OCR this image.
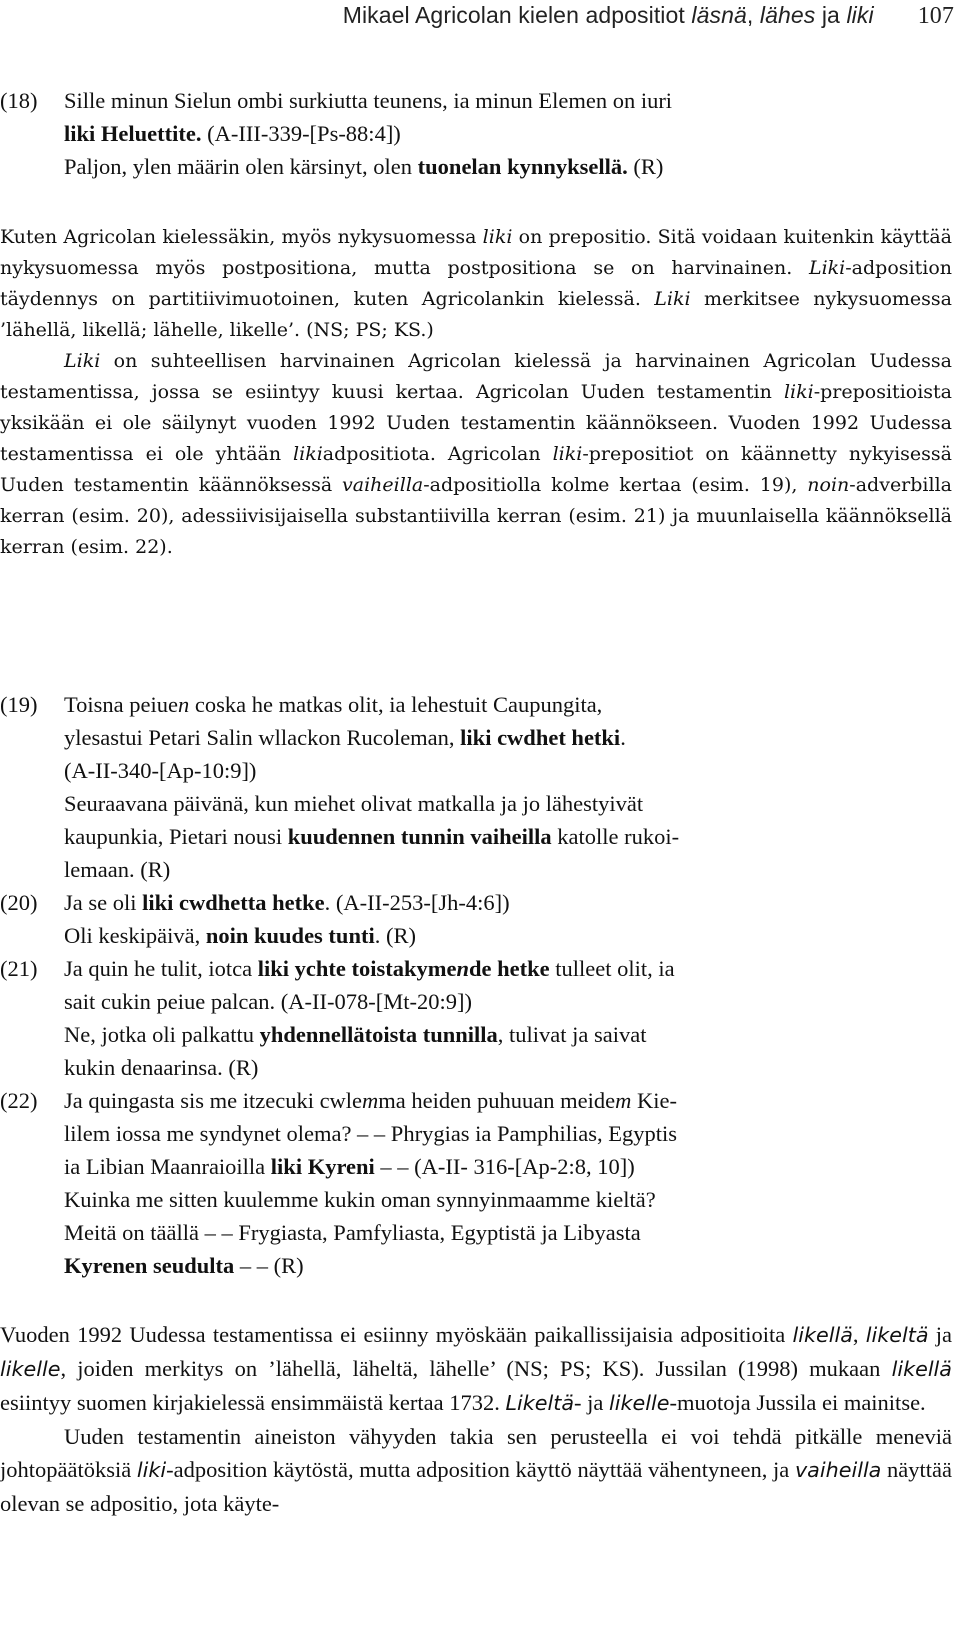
Mikael Agricolan kielen adpositiot läsnä, lähes ja liki 107
(18) Sille minun Sielun ombi surkiutta teunens, ia minun Elemen on iuri

liki Heluettite. (A-III-339-[Ps-88:4])

Paljon, ylen määrin olen kärsinyt, olen tuonelan kynnyksellä. (R)

Kuten Agricolan kielessäkin, myös nykysuomessa liki on prepositio. Sitä voidaan kuitenkin käyttää nykysuomessa myös postpositiona, mutta postpositiona se on harvinainen. Liki-adposition täydennys on partitiivimuotoinen, kuten Agricolankin kielessä. Liki merkitsee nykysuomessa ’lähellä, likellä; lähelle, likelle’. (NS; PS; KS.)

Liki on suhteellisen harvinainen Agricolan kielessä ja harvinainen Agricolan Uudessa testamentissa, jossa se esiintyy kuusi kertaa. Agricolan Uuden testamentin liki-prepositioista yksikään ei ole säilynyt vuoden 1992 Uuden testamentin käännökseen. Vuoden 1992 Uudessa testamentissa ei ole yhtään likiadpositiota. Agricolan liki-prepositiot on käännetty nykyisessä Uuden testamentin käännöksessä vaiheilla-adpositiolla kolme kertaa (esim. 19), noin-adverbilla kerran (esim. 20), adessiivisijaisella substantiivilla kerran (esim. 21) ja muunlaisella käännöksellä kerran (esim. 22).

(19) Toisna peiuen coska he matkas olit, ia lehestuit Caupungita,

ylesastui Petari Salin wllackon Rucoleman, liki cwdhet hetki.

(A-II-340-[Ap-10:9])

Seuraavana päivänä, kun miehet olivat matkalla ja jo lähestyivät

kaupunkia, Pietari nousi kuudennen tunnin vaiheilla katolle rukoi-

lemaan. (R)

(20) Ja se oli liki cwdhetta hetke. (A-II-253-[Jh-4:6])

Oli keskipäivä, noin kuudes tunti. (R)

(21) Ja quin he tulit, iotca liki ychte toistakymende hetke tulleet olit, ia

sait cukin peiue palcan. (A-II-078-[Mt-20:9])

Ne, jotka oli palkattu yhdennellätoista tunnilla, tulivat ja saivat

kukin denaarinsa. (R)

(22) Ja quingasta sis me itzecuki cwlemma heiden puhuuan meidem Kie-

lilem iossa me syndynet olema? – – Phrygias ia Pamphilias, Egyptis

ia Libian Maanraioilla liki Kyreni – – (A-II- 316-[Ap-2:8, 10])

Kuinka me sitten kuulemme kukin oman synnyinmaamme kieltä?

Meitä on täällä – – Frygiasta, Pamfyliasta, Egyptistä ja Libyasta

Kyrenen seudulta – – (R)

Vuoden 1992 Uudessa testamentissa ei esiinny myöskään paikallissijaisia adpositioita likellä, likeltä ja likelle, joiden merkitys on ’lähellä, läheltä, lähelle’ (NS; PS; KS). Jussilan (1998) mukaan likellä esiintyy suomen kirjakielessä ensimmäistä kertaa 1732. Likeltä- ja likelle-muotoja Jussila ei mainitse.

Uuden testamentin aineiston vähyyden takia sen perusteella ei voi tehdä pitkälle meneviä johtopäätöksiä liki-adposition käytöstä, mutta adposition käyttö näyttää vähentyneen, ja vaiheilla näyttää olevan se adpositio, jota käyte-
